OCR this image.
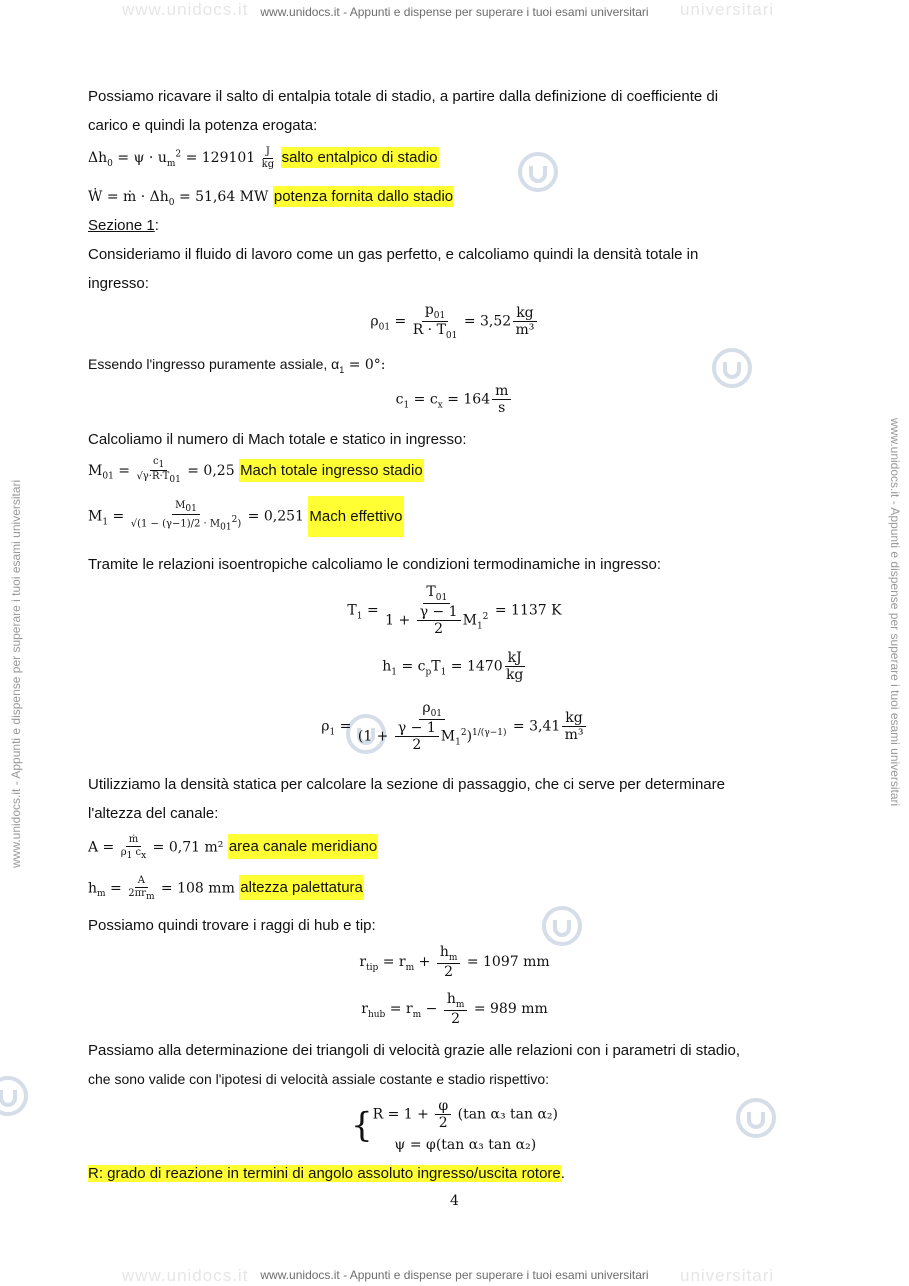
www.unidocs.it	universitari
www.unidocs.it - Appunti e dispense per superare i tuoi esami universitari
www.unidocs.it - Appunti e dispense per superare i tuoi esami universitari	www.unidocs.it - Appunti e dispense per superare i tuoi esami universitari
Possiamo ricavare il salto di entalpia totale di stadio, a partire dalla definizione di coefficiente di
carico e quindi la potenza erogata:
$\Delta h_0 = \psi \cdot u_m^2 = 129101 \frac{J}{kg}$ salto entalpico di stadio
Ẇ = ṁ · $\Delta h_0 = 51,64$ MW potenza fornita dallo stadio
Sezione 1:
Consideriamo il fluido di lavoro come un gas perfetto, e calcoliamo quindi la densità totale in
ingresso:
$\rho_{01} = \frac{p_{01}}{R \cdot T_{01}} = 3,52 \frac{kg}{\text{m³}}$
Essendo l'ingresso puramente assiale, $\alpha_1 = 0^\circ$:
$c_1 = c_x = 164 \frac{m}{s}$
Calcoliamo il numero di Mach totale e statico in ingresso:
$M_{01} = \frac{c_1}{√\gamma\cdot R\cdot T_{01}} = 0,25$ Mach totale ingresso stadio
$M_1 = \frac{M_{01}}{√(1 - (\gamma-1)/2 \cdot M_{01}^2)} = 0,251$ Mach effettivo
Tramite le relazioni isoentropiche calcoliamo le condizioni termodinamiche in ingresso:
$T_1 = \frac{T_{01}}{1 + \frac{\gamma - 1}{2} M_1^2} = 1137$ K
$h_1 = c_pT_1 = 1470 \frac{kJ}{kg}$
$\rho_1 = \frac{\rho_{01}}{(1 + \frac{\gamma - 1}{2} M_1^2)^{1/(\gamma-1)}} = 3,41 \frac{kg}{\text{m³}}$
Utilizziamo la densità statica per calcolare la sezione di passaggio, che ci serve per determinare
l'altezza del canale:
$A = \frac{\text{ṁ}}{\rho_1 c_x} = 0,71$ m² area canale meridiano
$h_m = \frac{A}{2\pi r_m} = 108$ mm altezza palettatura
Possiamo quindi trovare i raggi di hub e tip:
$r_{tip} = r_m + \frac{h_m}{2} = 1097$ mm
$r_{hub} = r_m - \frac{h_m}{2} = 989$ mm
Passiamo alla determinazione dei triangoli di velocità grazie alle relazioni con i parametri di stadio,
che sono valide con l'ipotesi di velocità assiale costante e stadio rispettivo:
{ $R = 1 + \frac{\varphi}{2} (\tan$ α₃ tan α₂)
ψ = φ(tan α₃ tan α₂)
R: grado di reazione in termini di angolo assoluto ingresso/uscita rotore.
4
www.unidocs.it	universitari
www.unidocs.it - Appunti e dispense per superare i tuoi esami universitari
